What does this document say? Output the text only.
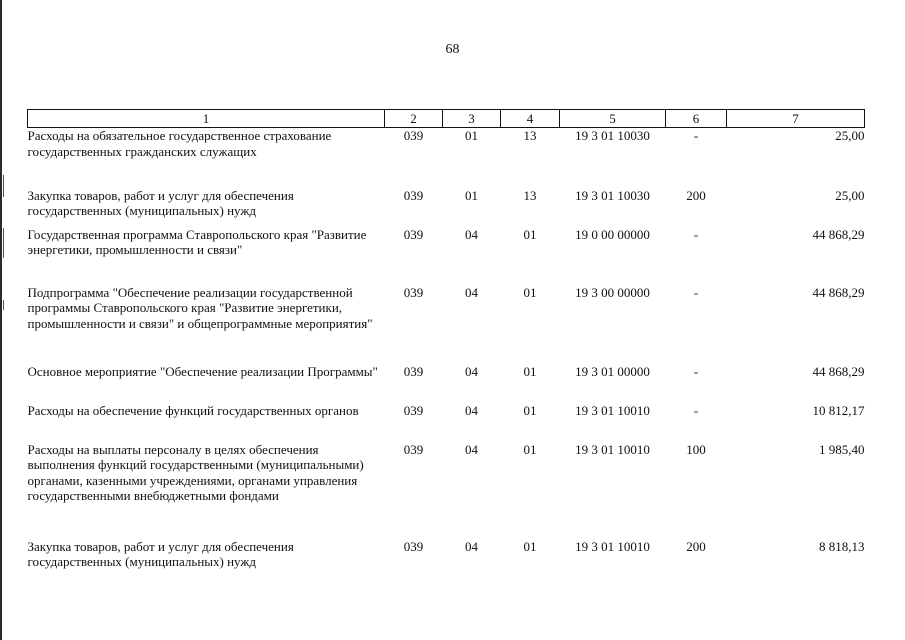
68
1	2	3	4	5	6	7
Расходы на обязательное государственное страхование государственных гражданских служащих	039	01	13	19 3 01 10030	-	25,00
Закупка товаров, работ и услуг для обеспечения государственных (муниципальных) нужд	039	01	13	19 3 01 10030	200	25,00
Государственная программа Ставропольского края "Развитие энергетики, промышленности и связи"	039	04	01	19 0 00 00000	-	44 868,29
Подпрограмма "Обеспечение реализации государственной программы Ставропольского края "Развитие энергетики, промышленности и связи" и общепрограммные мероприятия"	039	04	01	19 3 00 00000	-	44 868,29
Основное мероприятие "Обеспечение реализации Программы"	039	04	01	19 3 01 00000	-	44 868,29
Расходы на обеспечение функций государственных органов	039	04	01	19 3 01 10010	-	10 812,17
Расходы на выплаты персоналу в целях обеспечения выполнения функций государственными (муниципальными) органами, казенными учреждениями, органами управления государственными внебюджетными фондами	039	04	01	19 3 01 10010	100	1 985,40
Закупка товаров, работ и услуг для обеспечения государственных (муниципальных) нужд	039	04	01	19 3 01 10010	200	8 818,13
